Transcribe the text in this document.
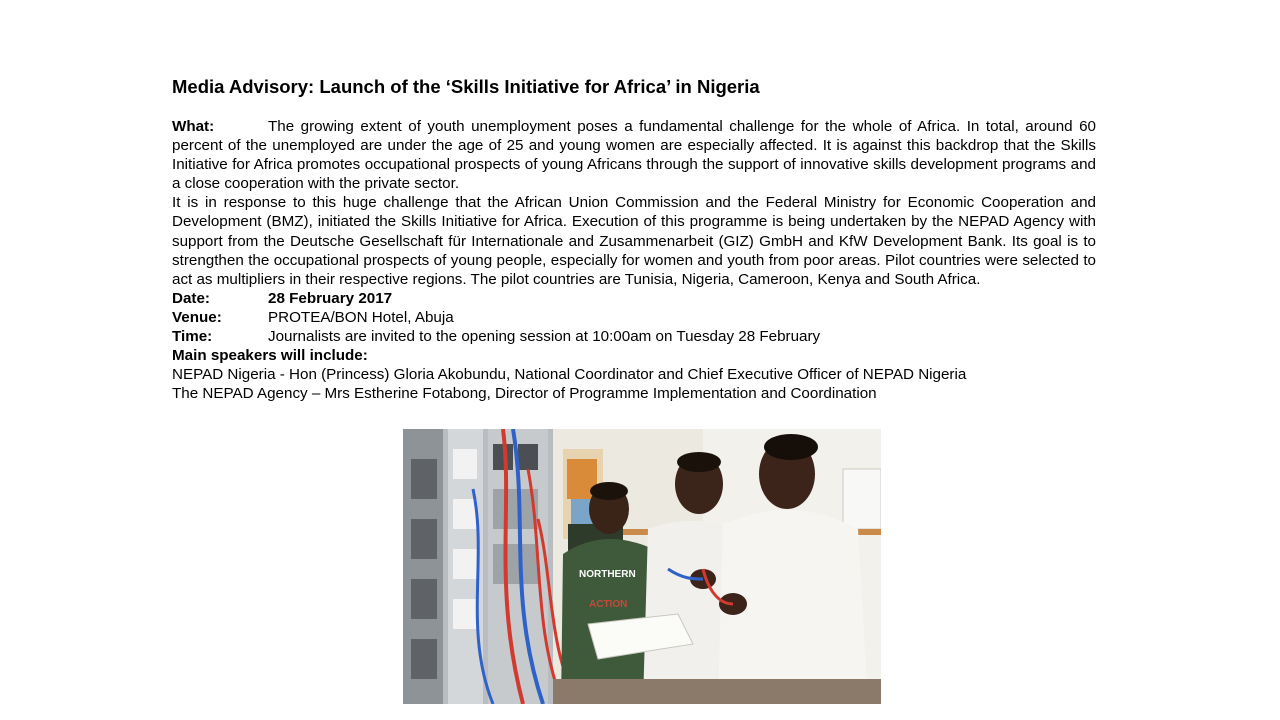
Media Advisory: Launch of the ‘Skills Initiative for Africa’ in Nigeria

What:	The growing extent of youth unemployment poses a fundamental challenge for the whole of Africa. In total, around 60 percent of the unemployed are under the age of 25 and young women are especially affected. It is against this backdrop that the Skills Initiative for Africa promotes occupational prospects of young Africans through the support of innovative skills development programs and a close cooperation with the private sector.

It is in response to this huge challenge that the African Union Commission and the Federal Ministry for Economic Cooperation and Development (BMZ), initiated the Skills Initiative for Africa. Execution of this programme is being undertaken by the NEPAD Agency with support from the Deutsche Gesellschaft für Internationale and Zusammenarbeit (GIZ) GmbH and KfW Development Bank. Its goal is to strengthen the occupational prospects of young people, especially for women and youth from poor areas. Pilot countries were selected to act as multipliers in their respective regions. The pilot countries are Tunisia, Nigeria, Cameroon, Kenya and South Africa.

Date:	28 February 2017
Venue:	PROTEA/BON Hotel, Abuja
Time:	Journalists are invited to the opening session at 10:00am on Tuesday 28 February
Main speakers will include:
NEPAD Nigeria - Hon (Princess) Gloria Akobundu, National Coordinator and Chief Executive Officer of NEPAD Nigeria
The NEPAD Agency – Mrs Estherine Fotabong, Director of Programme Implementation and Coordination
NORTHERN
ACTION
